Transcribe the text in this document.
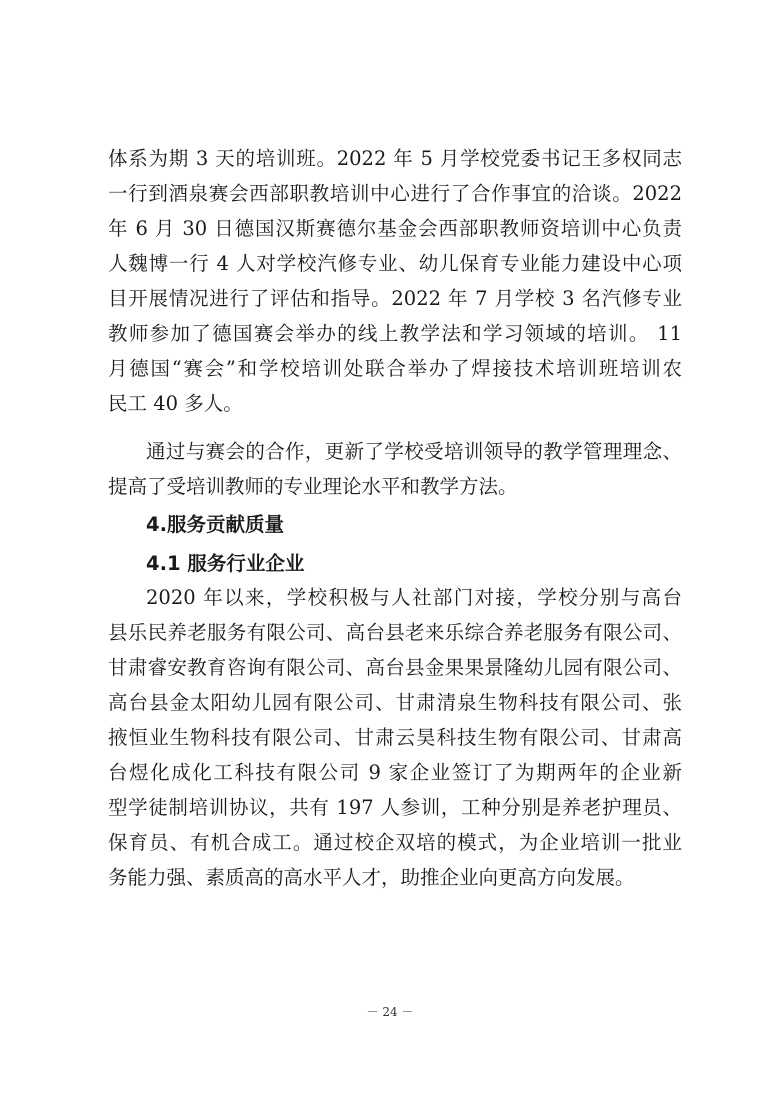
体系为期 3 天的培训班。2022 年 5 月学校党委书记王多权同志
一行到酒泉赛会西部职教培训中心进行了合作事宜的洽谈。2022
年 6 月 30 日德国汉斯赛德尔基金会西部职教师资培训中心负责
人魏博一行 4 人对学校汽修专业、幼儿保育专业能力建设中心项
目开展情况进行了评估和指导。2022 年 7 月学校 3 名汽修专业
教师参加了德国赛会举办的线上教学法和学习领域的培训。 11
月德国“赛会”和学校培训处联合举办了焊接技术培训班培训农
民工 40 多人。
通过与赛会的合作，更新了学校受培训领导的教学管理理念、
提高了受培训教师的专业理论水平和教学方法。
4.服务贡献质量
4.1 服务行业企业
2020 年以来，学校积极与人社部门对接，学校分别与高台
县乐民养老服务有限公司、高台县老来乐综合养老服务有限公司、
甘肃睿安教育咨询有限公司、高台县金果果景隆幼儿园有限公司、
高台县金太阳幼儿园有限公司、甘肃清泉生物科技有限公司、张
掖恒业生物科技有限公司、甘肃云昊科技生物有限公司、甘肃高
台煜化成化工科技有限公司 9 家企业签订了为期两年的企业新
型学徒制培训协议，共有 197 人参训，工种分别是养老护理员、
保育员、有机合成工。通过校企双培的模式，为企业培训一批业
务能力强、素质高的高水平人才，助推企业向更高方向发展。
－ 24 －
